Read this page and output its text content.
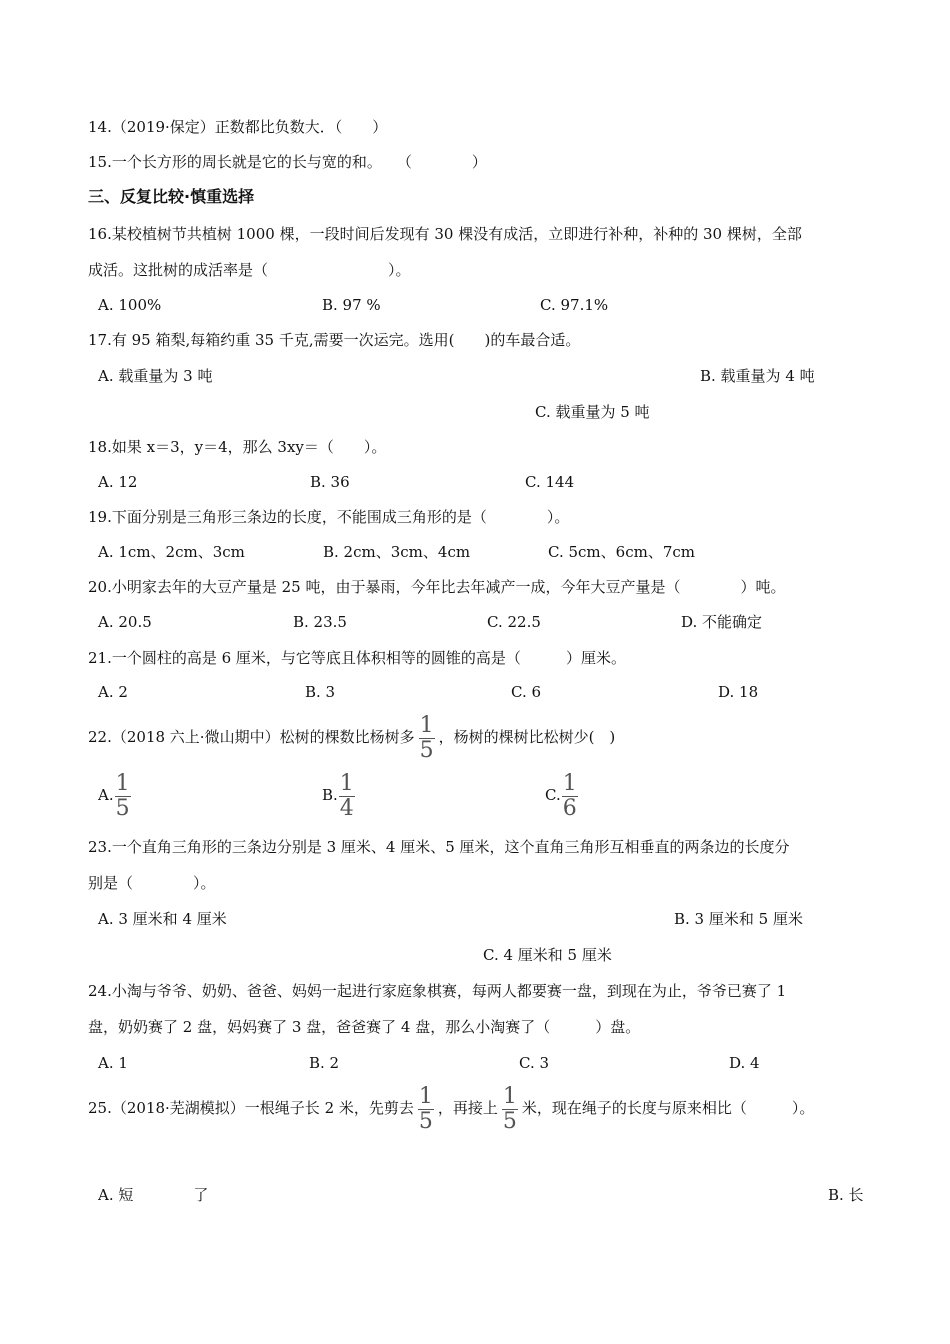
14.（2019·保定）正数都比负数大．（　　）
15.一个长方形的周长就是它的长与宽的和。　　（　　　　）
三、反复比较·慎重选择
16.某校植树节共植树 1000 棵，一段时间后发现有 30 棵没有成活，立即进行补种，补种的 30 棵树，全部
成活。这批树的成活率是（　　　　　　　　）。
A. 100%	B. 97 %	C. 97.1%
17.有 95 箱梨,每箱约重 35 千克,需要一次运完。选用(　　)的车最合适。
A. 载重量为 3 吨	B. 载重量为 4 吨
C. 载重量为 5 吨
18.如果 x＝3，y＝4，那么 3xy＝（　　）。
A. 12	B. 36	C. 144
19.下面分别是三角形三条边的长度，不能围成三角形的是（　　　　）。
A. 1cm、2cm、3cm	B. 2cm、3cm、4cm	C. 5cm、6cm、7cm
20.小明家去年的大豆产量是 25 吨，由于暴雨，今年比去年减产一成，今年大豆产量是（　　　　）吨。
A. 20.5	B. 23.5	C. 22.5	D. 不能确定
21.一个圆柱的高是 6 厘米，与它等底且体积相等的圆锥的高是（　　　）厘米。
A. 2	B. 3	C. 6	D. 18
22.（2018 六上·微山期中）松树的棵数比杨树多 $\frac{1}{5}$ ，杨树的棵树比松树少(　)
A. $\frac{1}{5}$	B. $\frac{1}{4}$	C. $\frac{1}{6}$
23.一个直角三角形的三条边分别是 3 厘米、4 厘米、5 厘米，这个直角三角形互相垂直的两条边的长度分
别是（　　　　）。
A. 3 厘米和 4 厘米	B. 3 厘米和 5 厘米
C. 4 厘米和 5 厘米
24.小淘与爷爷、奶奶、爸爸、妈妈一起进行家庭象棋赛，每两人都要赛一盘，到现在为止，爷爷已赛了 1
盘，奶奶赛了 2 盘，妈妈赛了 3 盘，爸爸赛了 4 盘，那么小淘赛了（　　　）盘。
A. 1	B. 2	C. 3	D. 4
25.（2018·芜湖模拟）一根绳子长 2 米，先剪去 $\frac{1}{5}$ ，再接上 $\frac{1}{5}$ 米，现在绳子的长度与原来相比（　　　）。
A. 短　　　　了	B. 长
